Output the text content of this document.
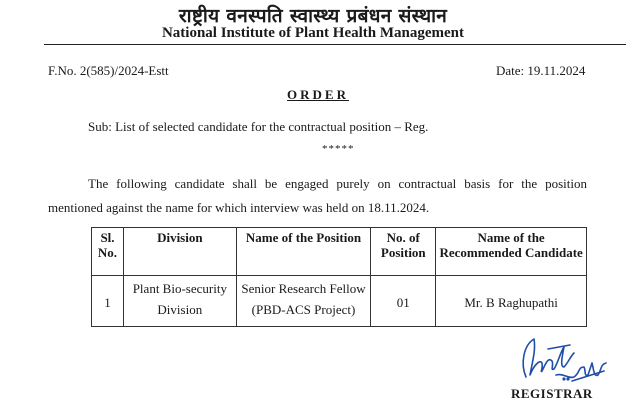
राष्ट्रीय वनस्पति स्वास्थ्य प्रबंधन संस्थान
National Institute of Plant Health Management
F.No. 2(585)/2024-Estt	Date: 19.11.2024
ORDER
Sub: List of selected candidate for the contractual position – Reg.
*****

The following candidate shall be engaged purely on contractual basis for the position mentioned against the name for which interview was held on 18.11.2024.

Sl. No.	Division	Name of the Position	No. of Position	Name of the Recommended Candidate
1	Plant Bio-security Division	Senior Research Fellow (PBD-ACS Project)	01	Mr. B Raghupathi
REGISTRAR
